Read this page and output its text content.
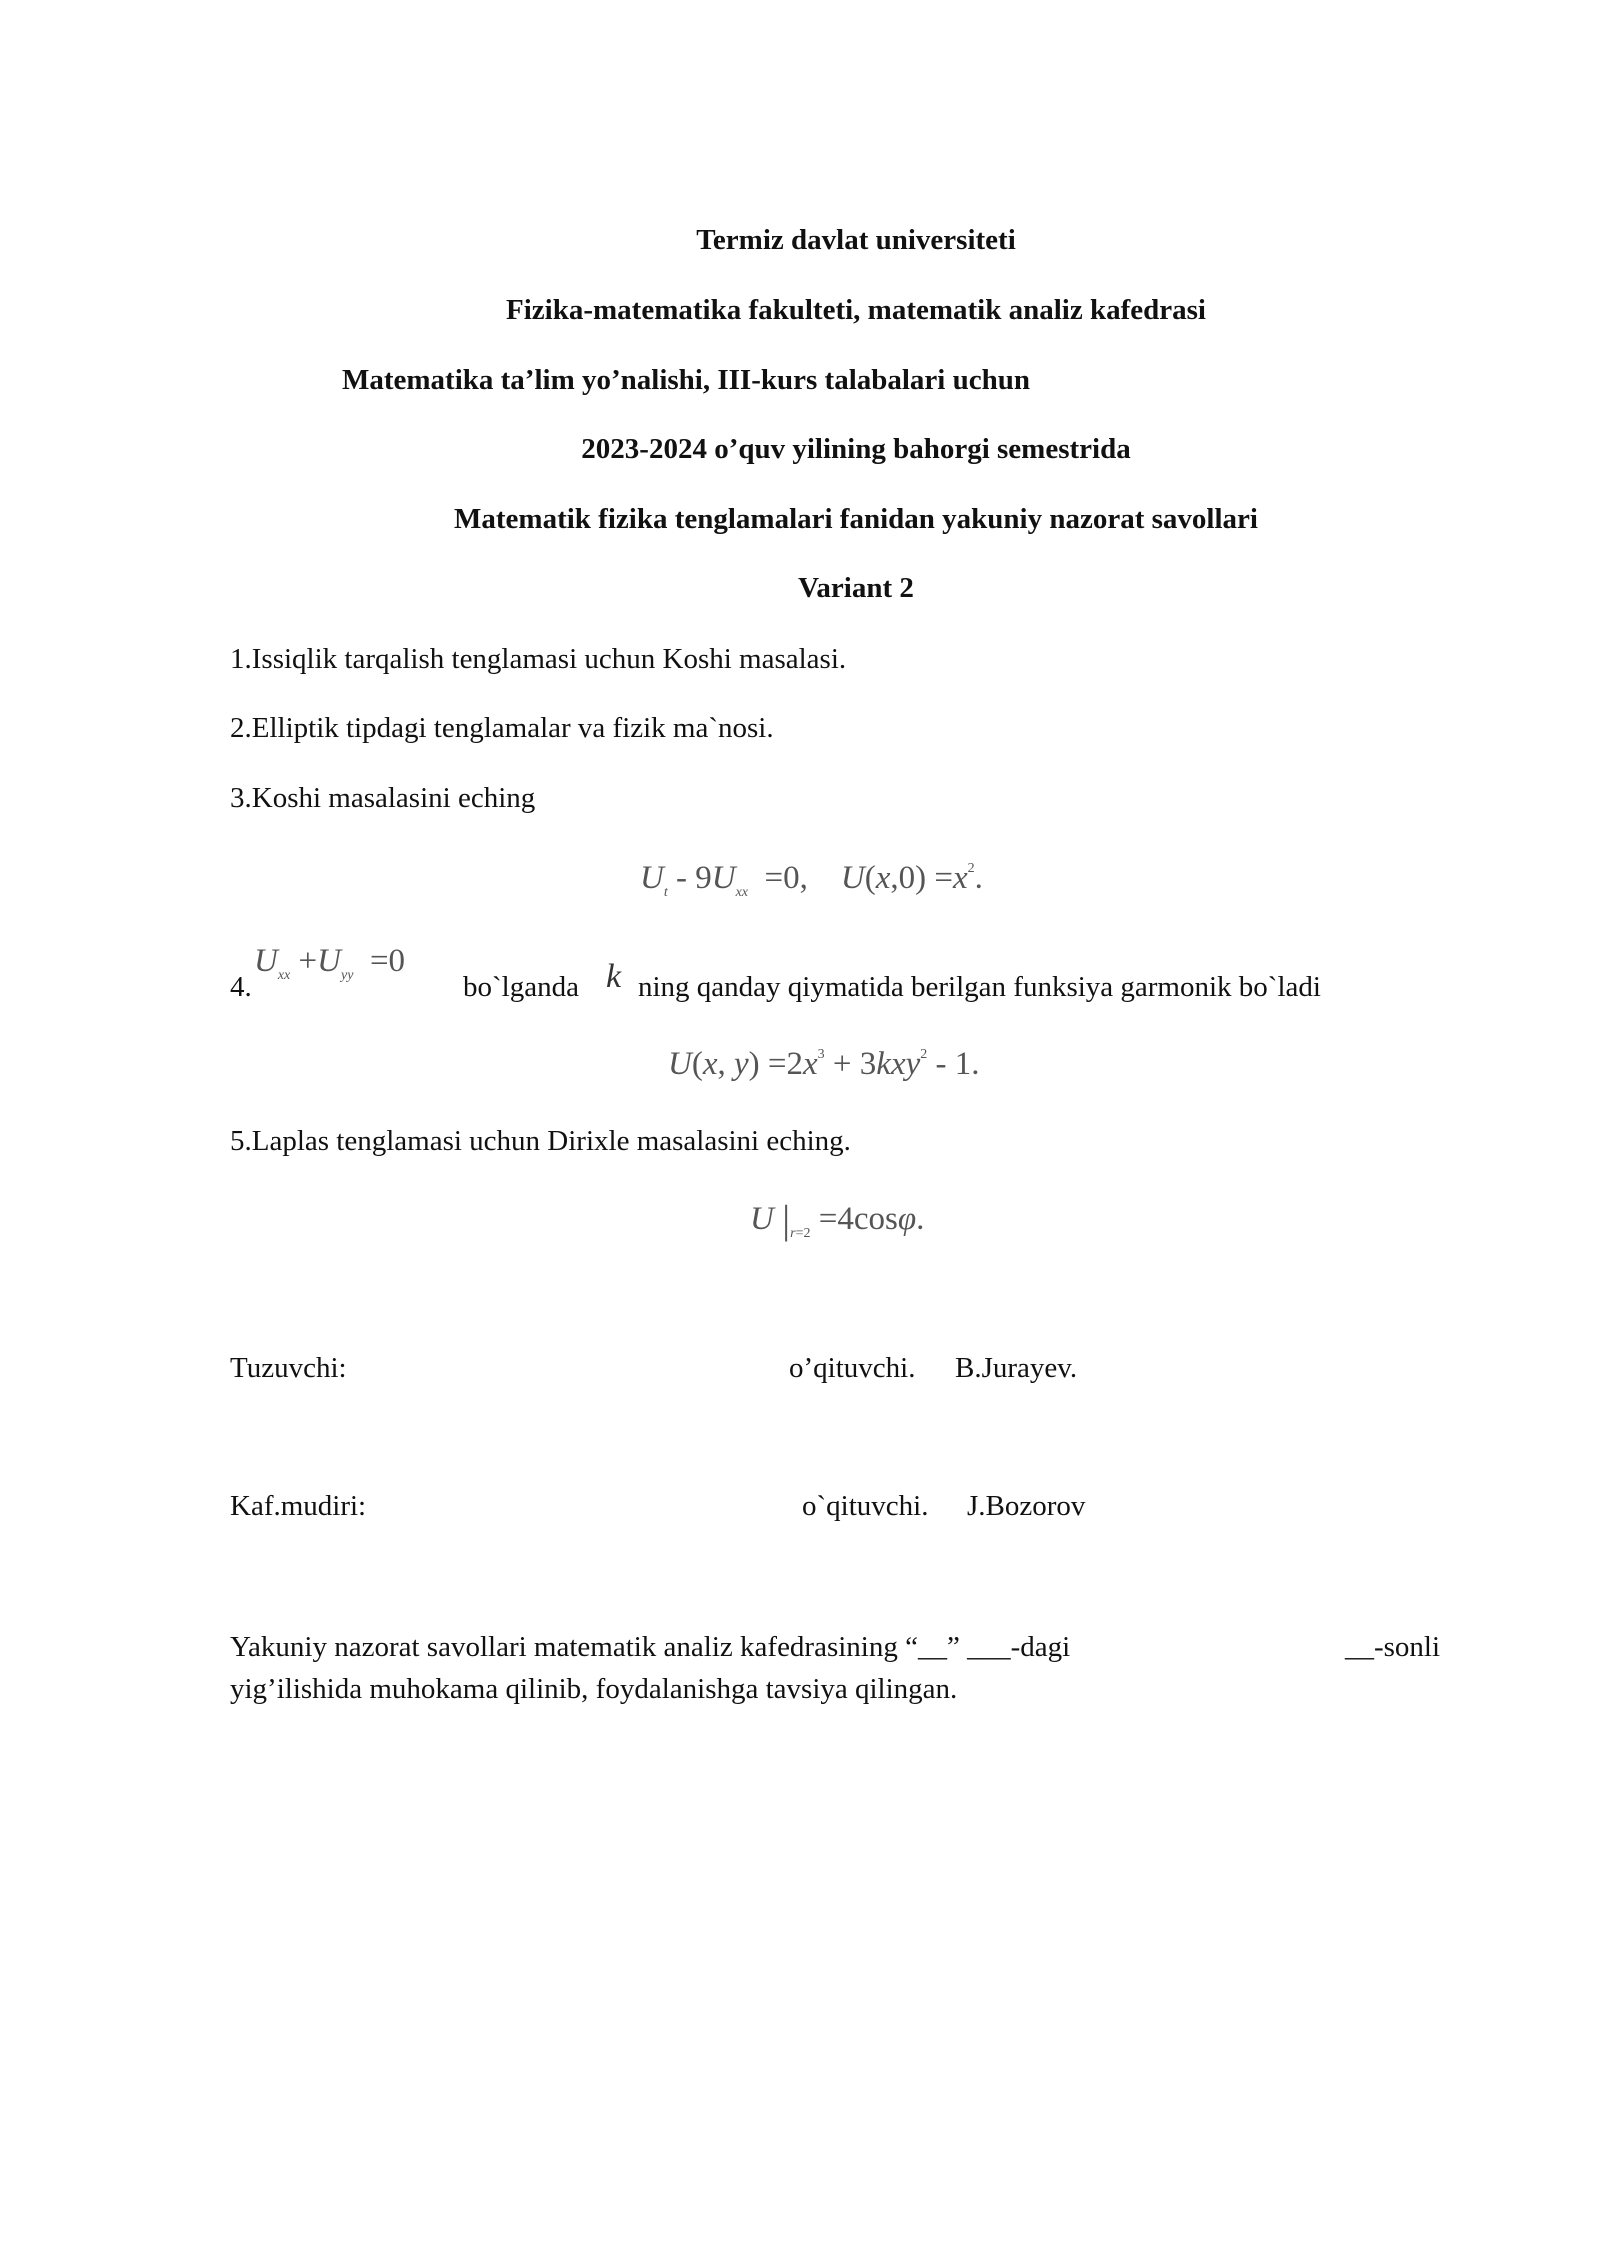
Termiz davlat universiteti
Fizika-matematika fakulteti, matematik analiz kafedrasi
Matematika ta’lim yo’nalishi, IIІ-kurs talabalari uchun
2023-2024 o’quv yilining bahorgi semestrida
Matematik fizika tenglamalari fanidan yakuniy nazorat savollari
Variant 2
1.Issiqlik tarqalish tenglamasi uchun Koshi masalasi.
2.Elliptik tipdagi tenglamalar va fizik ma`nosi.
3.Koshi masalasini eching
$U_t - 9U_{xx} =0$,    $U(x,0) =x^2$.
4.
$U_{xx} +U_{yy} =0$
bo`lganda k ning qanday qiymatida berilgan funksiya garmonik bo`ladi
U(x, $y) =2x^3 + 3kxy^2 - 1$.
5.Laplas tenglamasi uchun Dirixle masalasini eching.
U $|_{r=2} =4\cos\varphi$.
Tuzuvchi:	o’qituvchi. B.Jurayev.
Kaf.mudiri:	o`qituvchi. J.Bozorov
Yakuniy nazorat savollari matematik analiz kafedrasining “__” ___-dagi	__-sonli
yig’ilishida muhokama qilinib, foydalanishga tavsiya qilingan.
